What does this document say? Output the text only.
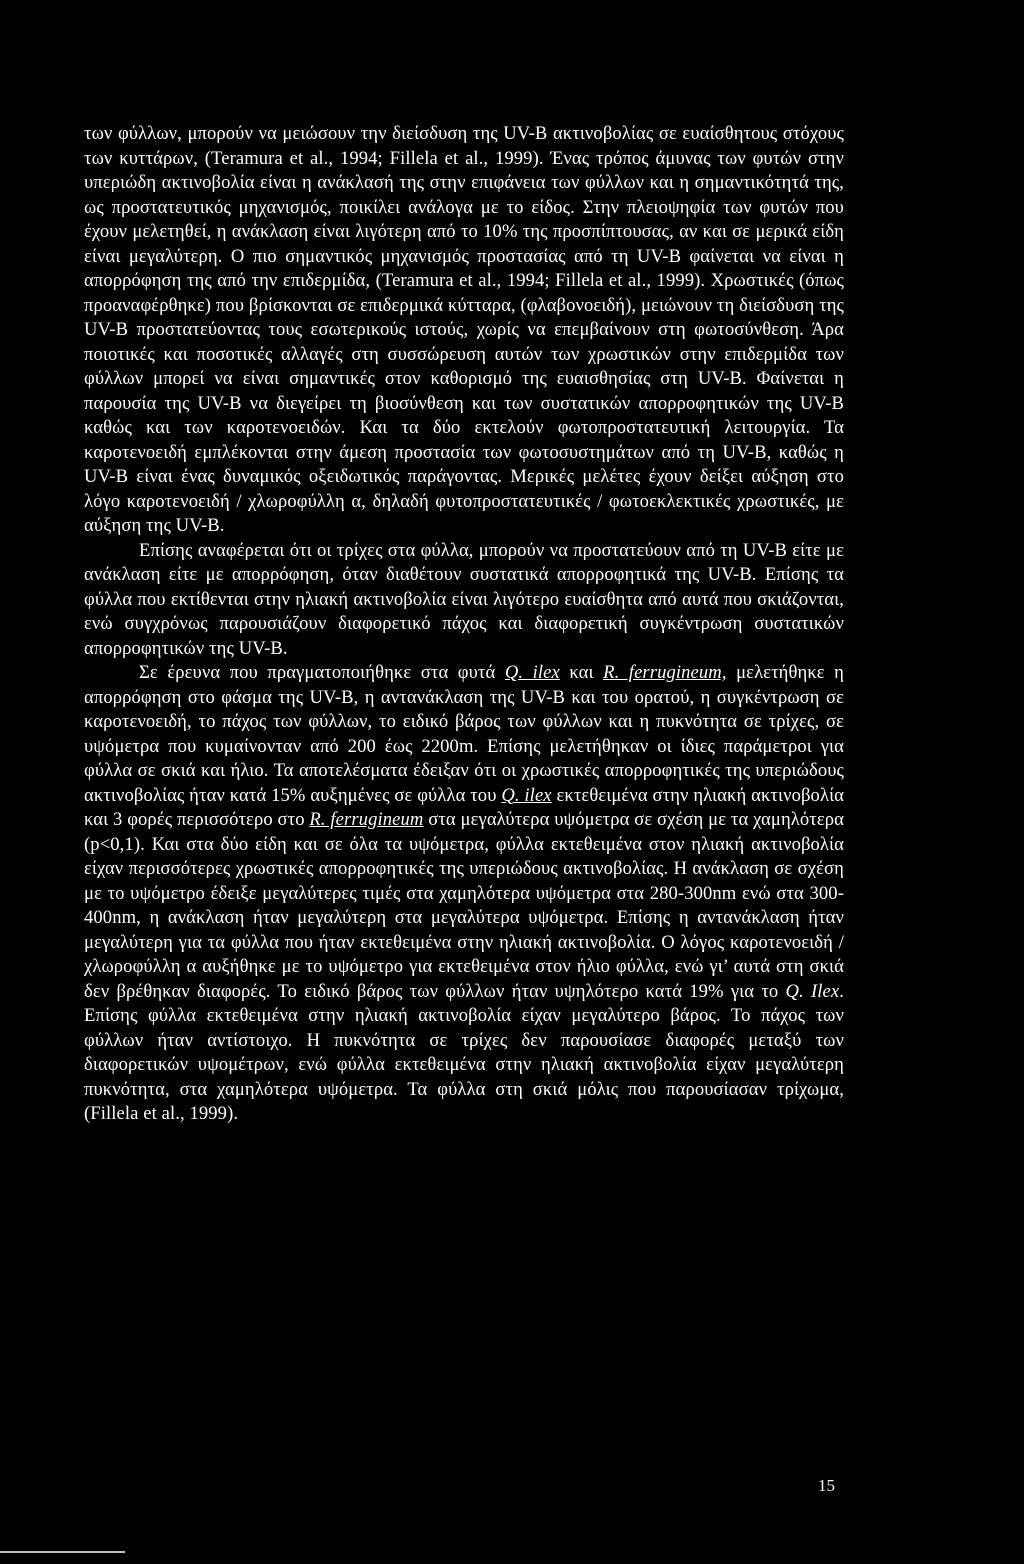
των φύλλων, μπορούν να μειώσουν την διείσδυση της UV-B ακτινοβολίας σε ευαίσθητους στόχους των κυττάρων, (Teramura et al., 1994; Fillela et al., 1999). Ένας τρόπος άμυνας των φυτών στην υπεριώδη ακτινοβολία είναι η ανάκλασή της στην επιφάνεια των φύλλων και η σημαντικότητά της, ως προστατευτικός μηχανισμός, ποικίλει ανάλογα με το είδος. Στην πλειοψηφία των φυτών που έχουν μελετηθεί, η ανάκλαση είναι λιγότερη από το 10% της προσπίπτουσας, αν και σε μερικά είδη είναι μεγαλύτερη. Ο πιο σημαντικός μηχανισμός προστασίας από τη UV-B φαίνεται να είναι η απορρόφηση της από την επιδερμίδα, (Teramura et al., 1994; Fillela et al., 1999). Χρωστικές (όπως προαναφέρθηκε) που βρίσκονται σε επιδερμικά κύτταρα, (φλαβονοειδή), μειώνουν τη διείσδυση της UV-B προστατεύοντας τους εσωτερικούς ιστούς, χωρίς να επεμβαίνουν στη φωτοσύνθεση. Άρα ποιοτικές και ποσοτικές αλλαγές στη συσσώρευση αυτών των χρωστικών στην επιδερμίδα των φύλλων μπορεί να είναι σημαντικές στον καθορισμό της ευαισθησίας στη UV-B. Φαίνεται η παρουσία της UV-B να διεγείρει τη βιοσύνθεση και των συστατικών απορροφητικών της UV-B καθώς και των καροτενοειδών. Και τα δύο εκτελούν φωτοπροστατευτική λειτουργία. Τα καροτενοειδή εμπλέκονται στην άμεση προστασία των φωτοσυστημάτων από τη UV-B, καθώς η UV-B είναι ένας δυναμικός οξειδωτικός παράγοντας. Μερικές μελέτες έχουν δείξει αύξηση στο λόγο καροτενοειδή / χλωροφύλλη α, δηλαδή φυτοπροστατευτικές / φωτοεκλεκτικές χρωστικές, με αύξηση της UV-B.

Επίσης αναφέρεται ότι οι τρίχες στα φύλλα, μπορούν να προστατεύουν από τη UV-B είτε με ανάκλαση είτε με απορρόφηση, όταν διαθέτουν συστατικά απορροφητικά της UV-B. Επίσης τα φύλλα που εκτίθενται στην ηλιακή ακτινοβολία είναι λιγότερο ευαίσθητα από αυτά που σκιάζονται, ενώ συγχρόνως παρουσιάζουν διαφορετικό πάχος και διαφορετική συγκέντρωση συστατικών απορροφητικών της UV-B.

Σε έρευνα που πραγματοποιήθηκε στα φυτά Q. ilex και R. ferrugineum, μελετήθηκε η απορρόφηση στο φάσμα της UV-B, η αντανάκλαση της UV-B και του ορατού, η συγκέντρωση σε καροτενοειδή, το πάχος των φύλλων, το ειδικό βάρος των φύλλων και η πυκνότητα σε τρίχες, σε υψόμετρα που κυμαίνονταν από 200 έως 2200m. Επίσης μελετήθηκαν οι ίδιες παράμετροι για φύλλα σε σκιά και ήλιο. Τα αποτελέσματα έδειξαν ότι οι χρωστικές απορροφητικές της υπεριώδους ακτινοβολίας ήταν κατά 15% αυξημένες σε φύλλα του Q. ilex εκτεθειμένα στην ηλιακή ακτινοβολία και 3 φορές περισσότερο στο R. ferrugineum στα μεγαλύτερα υψόμετρα σε σχέση με τα χαμηλότερα (p<0,1). Και στα δύο είδη και σε όλα τα υψόμετρα, φύλλα εκτεθειμένα στον ηλιακή ακτινοβολία είχαν περισσότερες χρωστικές απορροφητικές της υπεριώδους ακτινοβολίας. Η ανάκλαση σε σχέση με το υψόμετρο έδειξε μεγαλύτερες τιμές στα χαμηλότερα υψόμετρα στα 280-300nm ενώ στα 300-400nm, η ανάκλαση ήταν μεγαλύτερη στα μεγαλύτερα υψόμετρα. Επίσης η αντανάκλαση ήταν μεγαλύτερη για τα φύλλα που ήταν εκτεθειμένα στην ηλιακή ακτινοβολία. Ο λόγος καροτενοειδή / χλωροφύλλη α αυξήθηκε με το υψόμετρο για εκτεθειμένα στον ήλιο φύλλα, ενώ γι’ αυτά στη σκιά δεν βρέθηκαν διαφορές. Το ειδικό βάρος των φύλλων ήταν υψηλότερο κατά 19% για το Q. Ilex. Επίσης φύλλα εκτεθειμένα στην ηλιακή ακτινοβολία είχαν μεγαλύτερο βάρος. Το πάχος των φύλλων ήταν αντίστοιχο. Η πυκνότητα σε τρίχες δεν παρουσίασε διαφορές μεταξύ των διαφορετικών υψομέτρων, ενώ φύλλα εκτεθειμένα στην ηλιακή ακτινοβολία είχαν μεγαλύτερη πυκνότητα, στα χαμηλότερα υψόμετρα. Τα φύλλα στη σκιά μόλις που παρουσίασαν τρίχωμα, (Fillela et al., 1999).

15
